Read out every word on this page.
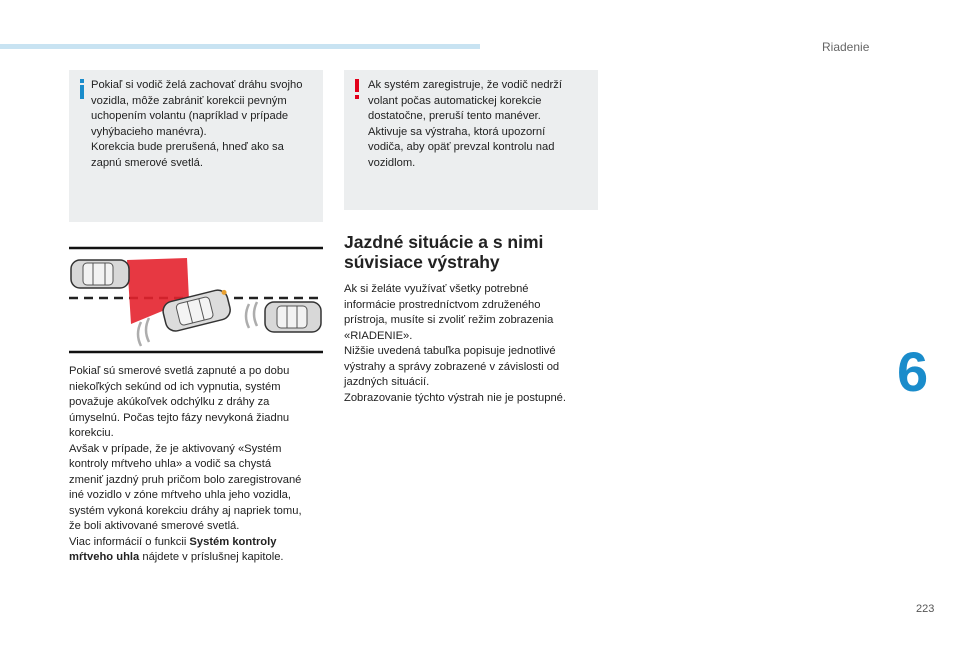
Riadenie
6
223
Pokiaľ si vodič želá zachovať dráhu svojho
vozidla, môže zabrániť korekcii pevným
uchopením volantu (napríklad v prípade
vyhýbacieho manévra).
Korekcia bude prerušená, hneď ako sa
zapnú smerové svetlá.
Ak systém zaregistruje, že vodič nedrží
volant počas automatickej korekcie
dostatočne, preruší tento manéver.
Aktivuje sa výstraha, ktorá upozorní
vodiča, aby opäť prevzal kontrolu nad
vozidlom.
Pokiaľ sú smerové svetlá zapnuté a po dobu
niekoľkých sekúnd od ich vypnutia, systém
považuje akúkoľvek odchýlku z dráhy za
úmyselnú. Počas tejto fázy nevykoná žiadnu
korekciu.
Avšak v prípade, že je aktivovaný «Systém
kontroly mŕtveho uhla» a vodič sa chystá
zmeniť jazdný pruh pričom bolo zaregistrované
iné vozidlo v zóne mŕtveho uhla jeho vozidla,
systém vykoná korekciu dráhy aj napriek tomu,
že boli aktivované smerové svetlá.
Viac informácií o funkcii Systém kontroly
mŕtveho uhla nájdete v príslušnej kapitole.
Jazdné situácie a s nimi
súvisiace výstrahy
Ak si želáte využívať všetky potrebné
informácie prostredníctvom združeného
prístroja, musíte si zvoliť režim zobrazenia
«RIADENIE».
Nižšie uvedená tabuľka popisuje jednotlivé
výstrahy a správy zobrazené v závislosti od
jazdných situácií.
Zobrazovanie týchto výstrah nie je postupné.
